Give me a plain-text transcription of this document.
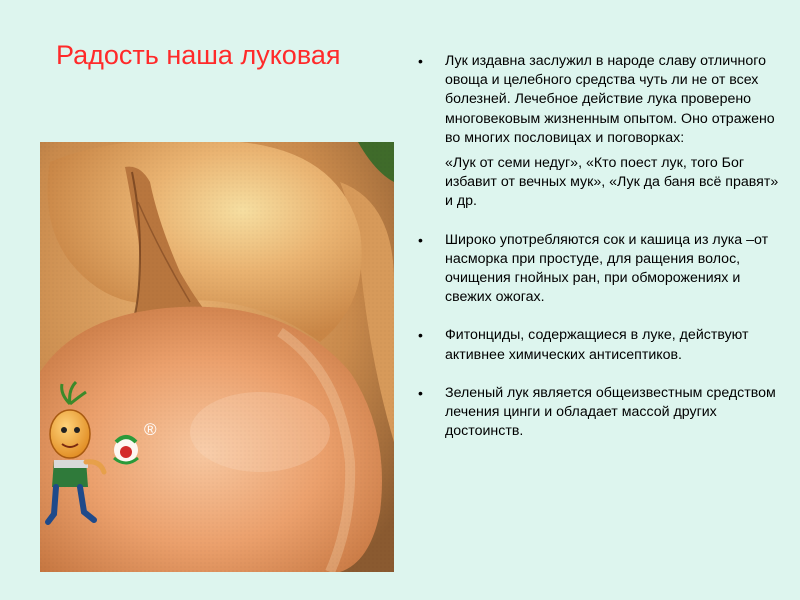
Радость наша луковая
®

• Лук издавна заслужил в народе славу отличного овоща и целебного средства чуть ли не от всех болезней. Лечебное действие лука проверено многовековым жизненным опытом. Оно отражено во многих пословицах и поговорках:

«Лук от семи недуг», «Кто поест лук, того Бог избавит от вечных мук», «Лук да баня всё правят» и др.

• Широко употребляются сок и кашица из лука –от насморка при простуде, для ращения волос, очищения гнойных ран, при обморожениях и свежих ожогах.

• Фитонциды, содержащиеся в луке, действуют активнее химических антисептиков.

• Зеленый лук является общеизвестным средством лечения цинги и обладает массой других достоинств.
